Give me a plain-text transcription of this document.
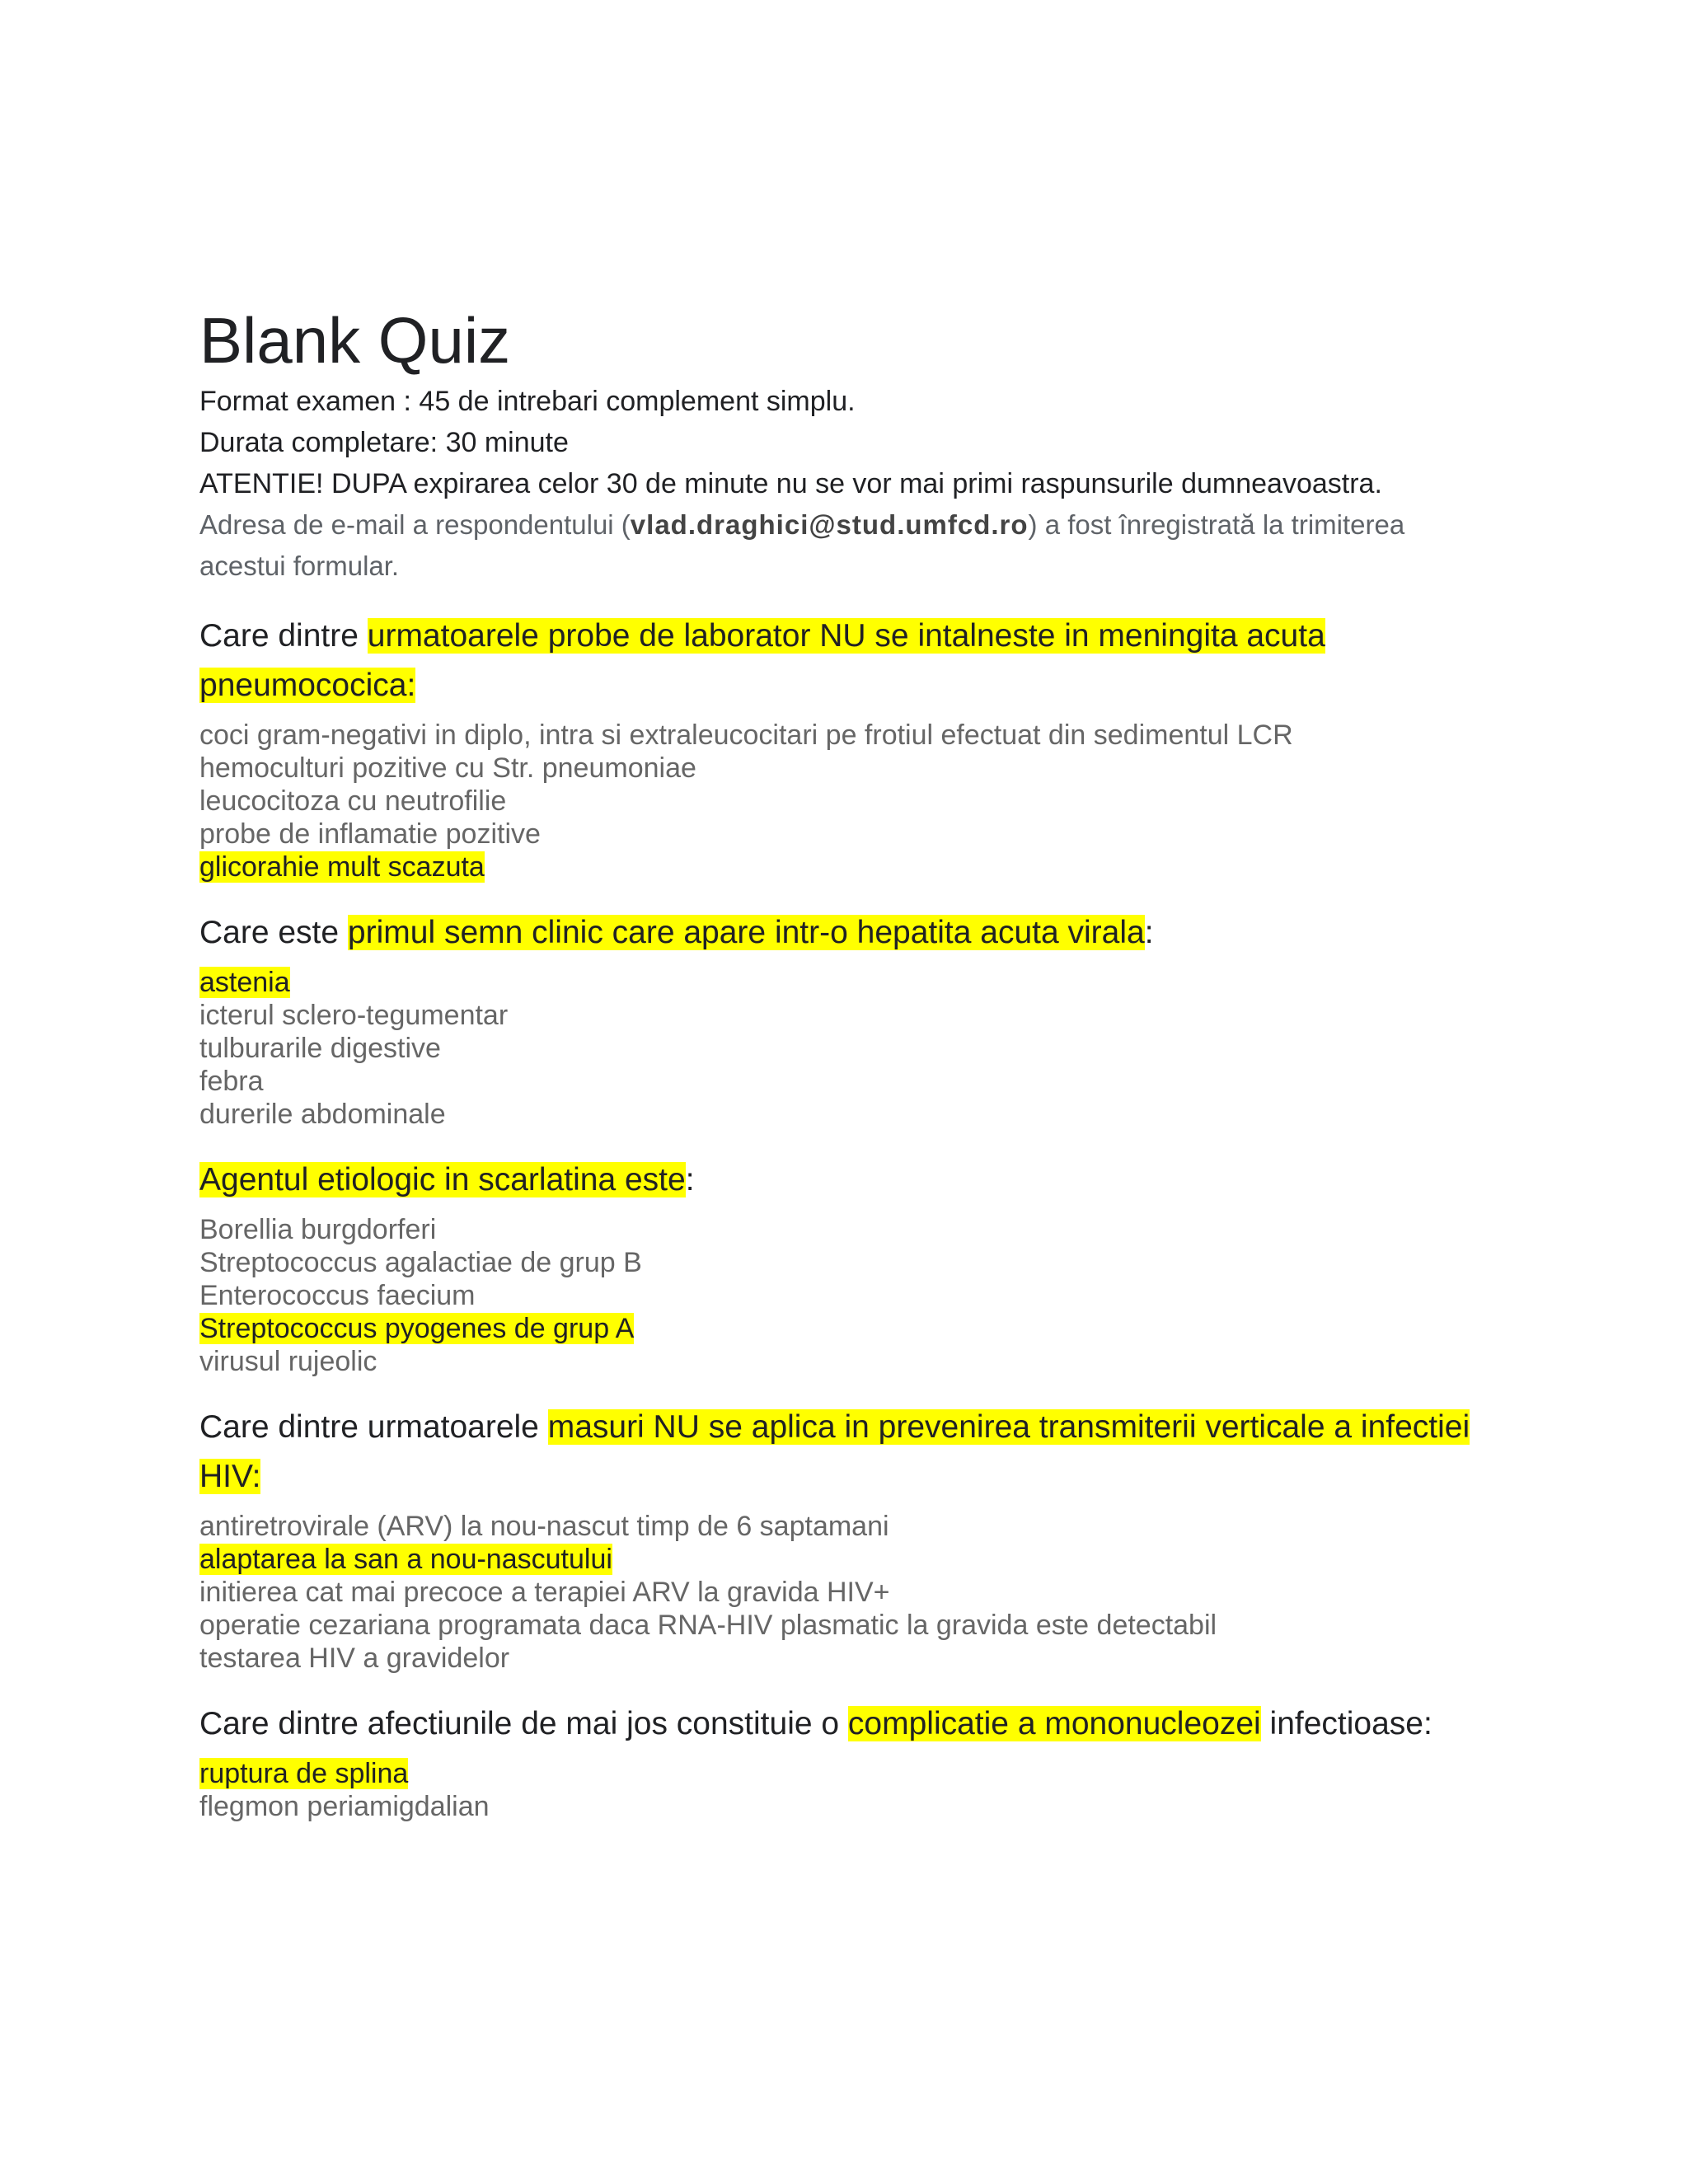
Blank Quiz
Format examen : 45 de intrebari complement simplu.
Durata completare: 30 minute
ATENTIE! DUPA expirarea celor 30 de minute nu se vor mai primi raspunsurile dumneavoastra.
Adresa de e-mail a respondentului (vlad.draghici@stud.umfcd.ro) a fost înregistrată la trimiterea acestui formular.
Care dintre urmatoarele probe de laborator NU se intalneste in meningita acuta pneumococica:
coci gram-negativi in diplo, intra si extraleucocitari pe frotiul efectuat din sedimentul LCR
hemoculturi pozitive cu Str. pneumoniae
leucocitoza cu neutrofilie
probe de inflamatie pozitive
glicorahie mult scazuta
Care este primul semn clinic care apare intr-o hepatita acuta virala:
astenia
icterul sclero-tegumentar
tulburarile digestive
febra
durerile abdominale
Agentul etiologic in scarlatina este:
Borellia burgdorferi
Streptococcus agalactiae de grup B
Enterococcus faecium
Streptococcus pyogenes de grup A
virusul rujeolic
Care dintre urmatoarele masuri NU se aplica in prevenirea transmiterii verticale a infectiei HIV:
antiretrovirale (ARV) la nou-nascut timp de 6 saptamani
alaptarea la san a nou-nascutului
initierea cat mai precoce a terapiei ARV la gravida HIV+
operatie cezariana programata daca RNA-HIV plasmatic la gravida este detectabil
testarea HIV a gravidelor
Care dintre afectiunile de mai jos constituie o complicatie a mononucleozei infectioase:
ruptura de splina
flegmon periamigdalian
